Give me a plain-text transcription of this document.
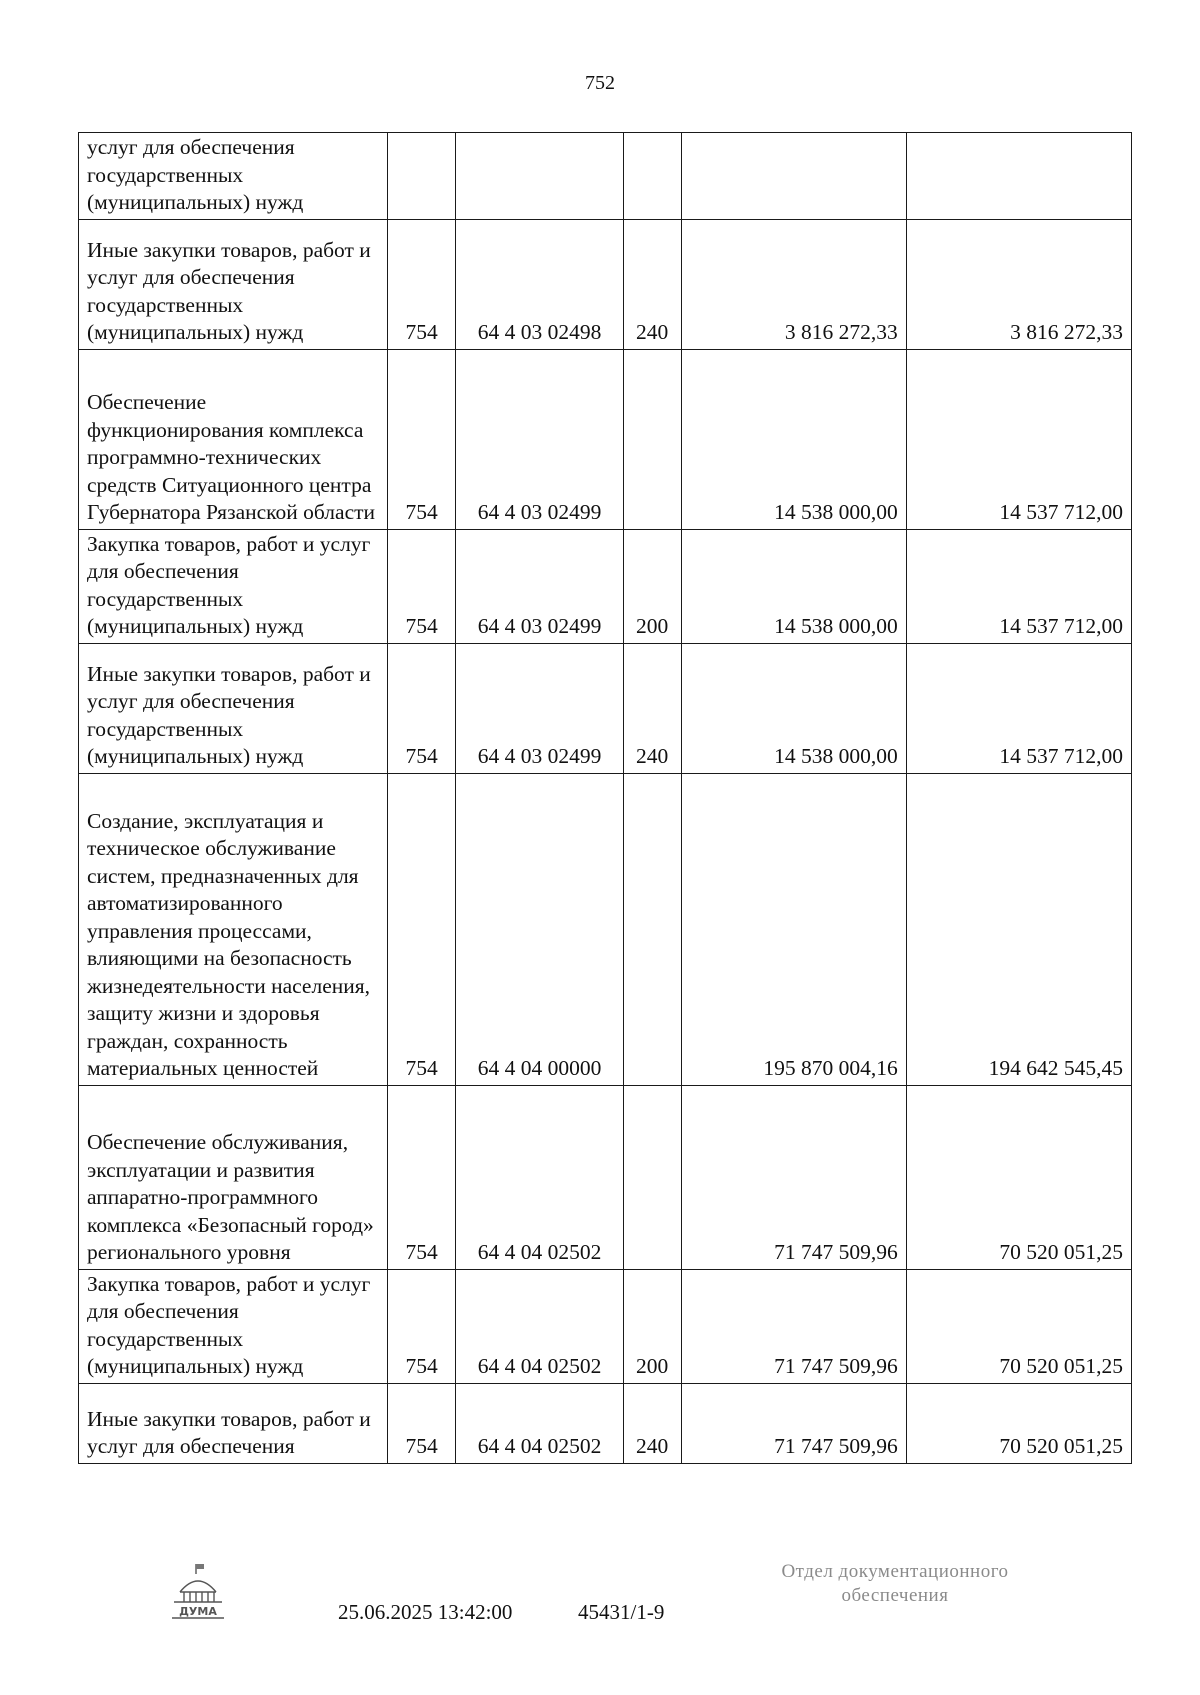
752
услуг для обеспечения государственных (муниципальных) нужд					

Иные закупки товаров, работ и услуг для обеспечения государственных (муниципальных) нужд	754	64 4 03 02498	240	3 816 272,33	3 816 272,33

Обеспечение функционирования комплекса программно-технических средств Ситуационного центра Губернатора Рязанской области	754	64 4 03 02499		14 538 000,00	14 537 712,00

Закупка товаров, работ и услуг для обеспечения государственных (муниципальных) нужд	754	64 4 03 02499	200	14 538 000,00	14 537 712,00

Иные закупки товаров, работ и услуг для обеспечения государственных (муниципальных) нужд	754	64 4 03 02499	240	14 538 000,00	14 537 712,00

Создание, эксплуатация и техническое обслуживание систем, предназначенных для автоматизированного управления процессами, влияющими на безопасность жизнедеятельности населения, защиту жизни и здоровья граждан, сохранность материальных ценностей	754	64 4 04 00000		195 870 004,16	194 642 545,45

Обеспечение обслуживания, эксплуатации и развития аппаратно-программного комплекса «Безопасный город» регионального уровня	754	64 4 04 02502		71 747 509,96	70 520 051,25

Закупка товаров, работ и услуг для обеспечения государственных (муниципальных) нужд	754	64 4 04 02502	200	71 747 509,96	70 520 051,25

Иные закупки товаров, работ и услуг для обеспечения	754	64 4 04 02502	240	71 747 509,96	70 520 051,25
ДУМА	25.06.2025 13:42:00	45431/1-9
Отдел документационного
обеспечения
